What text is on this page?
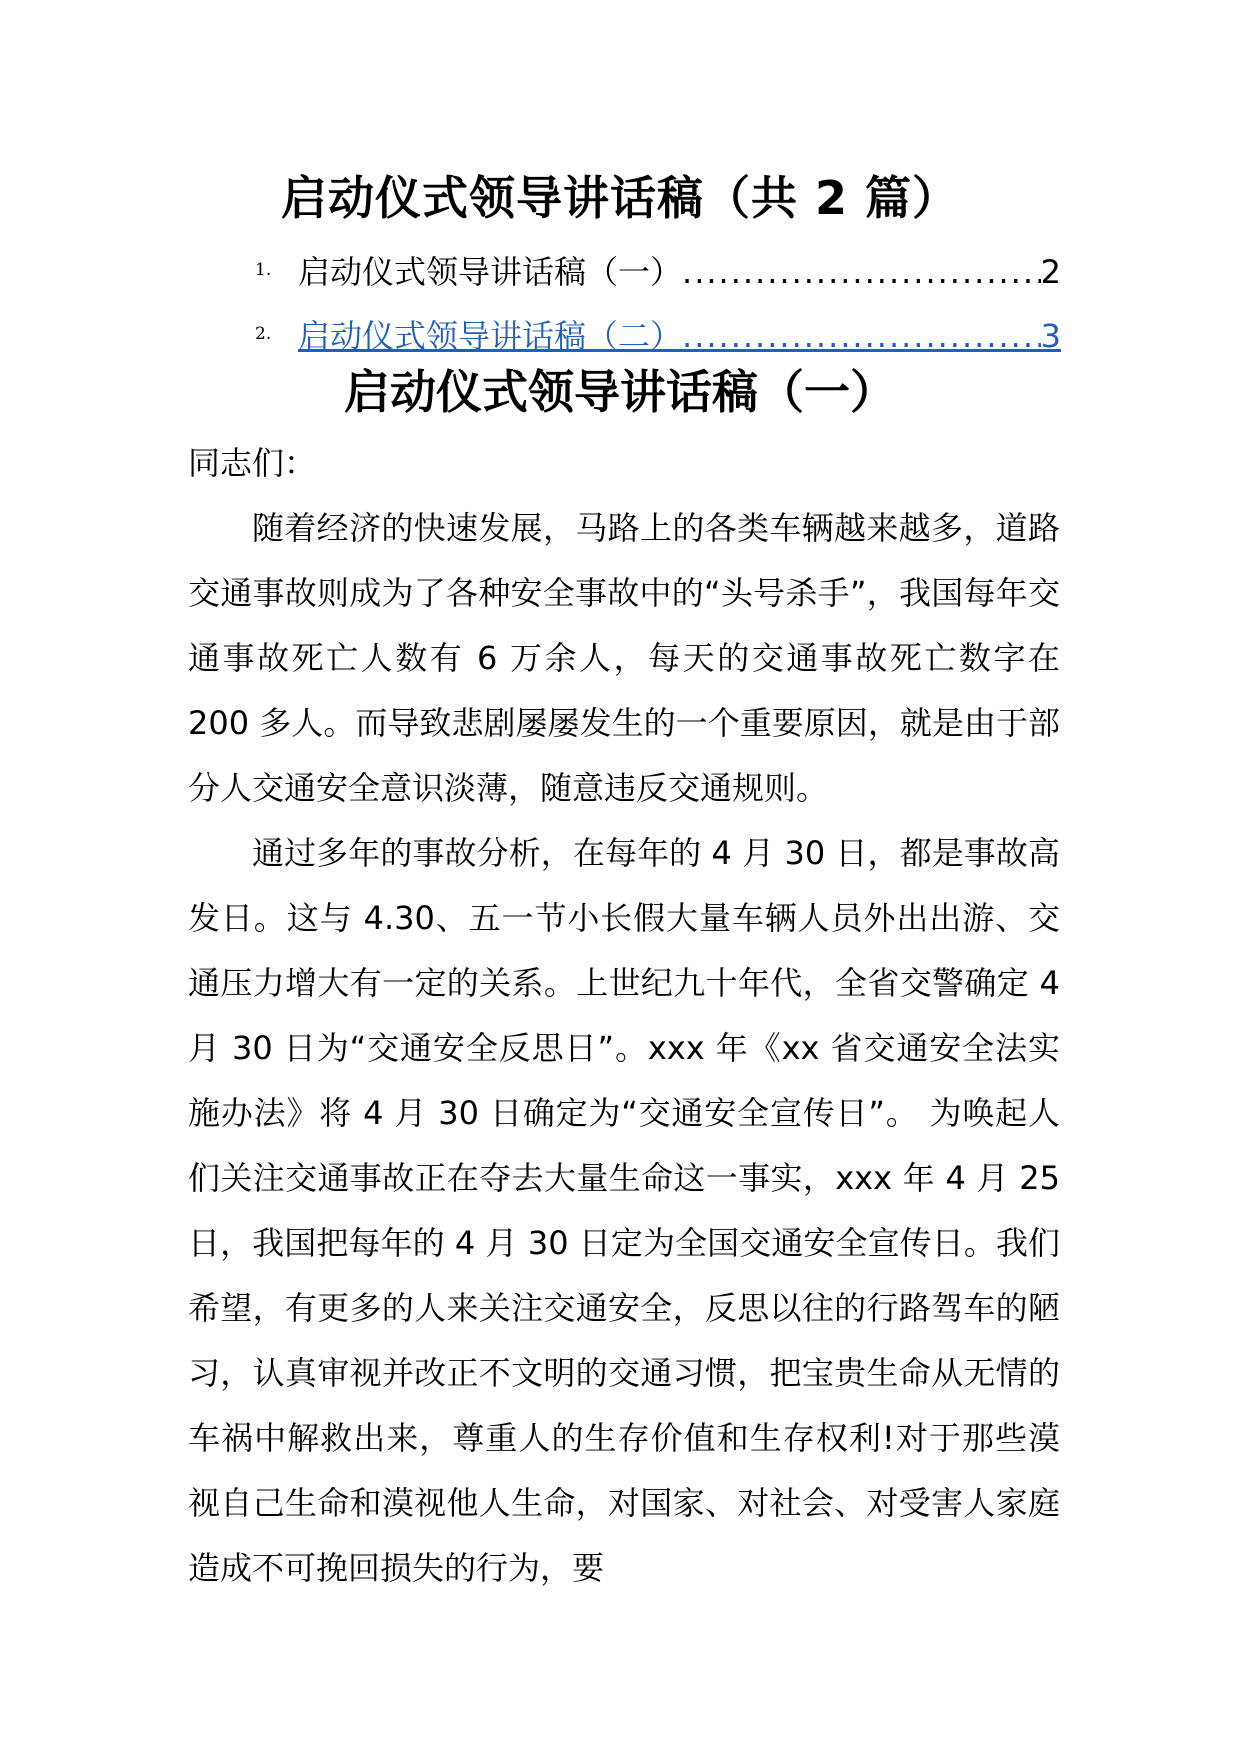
启动仪式领导讲话稿（共 2 篇）
1. 启动仪式领导讲话稿（一） .....	2
2. 启动仪式领导讲话稿（二） .....	3
启动仪式领导讲话稿（一）

同志们：

随着经济的快速发展，马路上的各类车辆越来越多，道路交通事故则成为了各种安全事故中的“头号杀手”，我国每年交通事故死亡人数有 6 万余人，每天的交通事故死亡数字在 200 多人。而导致悲剧屡屡发生的一个重要原因，就是由于部分人交通安全意识淡薄，随意违反交通规则。

通过多年的事故分析，在每年的 4 月 30 日，都是事故高发日。这与 4.30、五一节小长假大量车辆人员外出出游、交通压力增大有一定的关系。上世纪九十年代，全省交警确定 4 月 30 日为“交通安全反思日”。xxx 年《xx 省交通安全法实施办法》将 4 月 30 日确定为“交通安全宣传日”。 为唤起人们关注交通事故正在夺去大量生命这一事实，xxx 年 4 月 25 日，我国把每年的 4 月 30 日定为全国交通安全宣传日。我们希望，有更多的人来关注交通安全，反思以往的行路驾车的陋习，认真审视并改正不文明的交通习惯，把宝贵生命从无情的车祸中解救出来，尊重人的生存价值和生存权利!对于那些漠视自己生命和漠视他人生命，对国家、对社会、对受害人家庭造成不可挽回损失的行为，要
